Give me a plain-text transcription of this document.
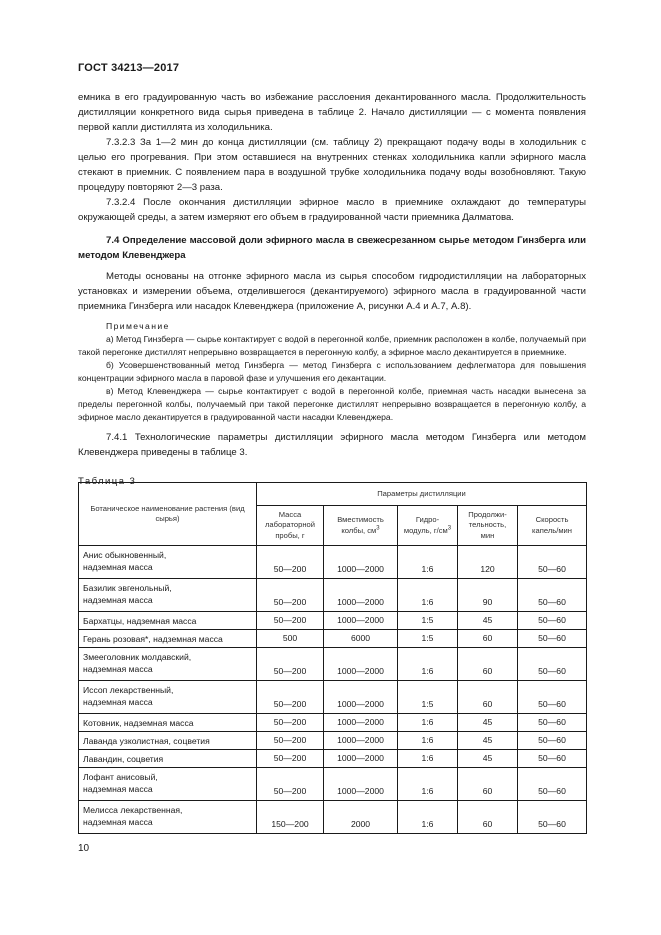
ГОСТ 34213—2017

емника в его градуированную часть во избежание расслоения декантированного масла. Продолжительность дистилляции конкретного вида сырья приведена в таблице 2. Начало дистилляции — с момента появления первой капли дистиллята из холодильника.

7.3.2.3 За 1—2 мин до конца дистилляции (см. таблицу 2) прекращают подачу воды в холодильник с целью его прогревания. При этом оставшиеся на внутренних стенках холодильника капли эфирного масла стекают в приемник. С появлением пара в воздушной трубке холодильника подачу воды возобновляют. Такую процедуру повторяют 2—3 раза.

7.3.2.4 После окончания дистилляции эфирное масло в приемнике охлаждают до температуры окружающей среды, а затем измеряют его объем в градуированной части приемника Далматова.

7.4 Определение массовой доли эфирного масла в свежесрезанном сырье методом Гинзберга или методом Клевенджера

Методы основаны на отгонке эфирного масла из сырья способом гидродистилляции на лабораторных установках и измерении объема, отделившегося (декантируемого) эфирного масла в градуированной части приемника Гинзберга или насадок Клевенджера (приложение А, рисунки А.4 и А.7, А.8).

Примечание

а) Метод Гинзберга — сырье контактирует с водой в перегонной колбе, приемник расположен в колбе, получаемый при такой перегонке дистиллят непрерывно возвращается в перегонную колбу, а эфирное масло декантируется в приемнике.

б) Усовершенствованный метод Гинзберга — метод Гинзберга с использованием дефлегматора для повышения концентрации эфирного масла в паровой фазе и улучшения его декантации.

в) Метод Клевенджера — сырье контактирует с водой в перегонной колбе, приемная часть насадки вынесена за пределы перегонной колбы, получаемый при такой перегонке дистиллят непрерывно возвращается в перегонную колбу, а эфирное масло декантируется в градуированной части насадки Клевенджера.

7.4.1 Технологические параметры дистилляции эфирного масла методом Гинзберга или методом Клевенджера приведены в таблице 3.

Таблица 3

Ботаническое наименование растения (вид сырья)	Параметры дистилляции				
	Масса лабораторной пробы, г	Вместимость колбы, $см^3$	Гидро-модуль, $г/см^3$	Продолжи-тельность, мин	Скорость капель/мин
Анис обыкновенный,
надземная масса	50—200	1000—2000	1:6	120	50—60
Базилик эвгенольный,
надземная масса	50—200	1000—2000	1:6	90	50—60
Бархатцы, надземная масса	50—200	1000—2000	1:5	45	50—60
Герань розовая*, надземная масса	500	6000	1:5	60	50—60
Змееголовник молдавский,
надземная масса	50—200	1000—2000	1:6	60	50—60
Иссоп лекарственный,
надземная масса	50—200	1000—2000	1:5	60	50—60
Котовник, надземная масса	50—200	1000—2000	1:6	45	50—60
Лаванда узколистная, соцветия	50—200	1000—2000	1:6	45	50—60
Лавандин, соцветия	50—200	1000—2000	1:6	45	50—60
Лофант анисовый,
надземная масса	50—200	1000—2000	1:6	60	50—60
Мелисса лекарственная,
надземная масса	150—200	2000	1:6	60	50—60
10
